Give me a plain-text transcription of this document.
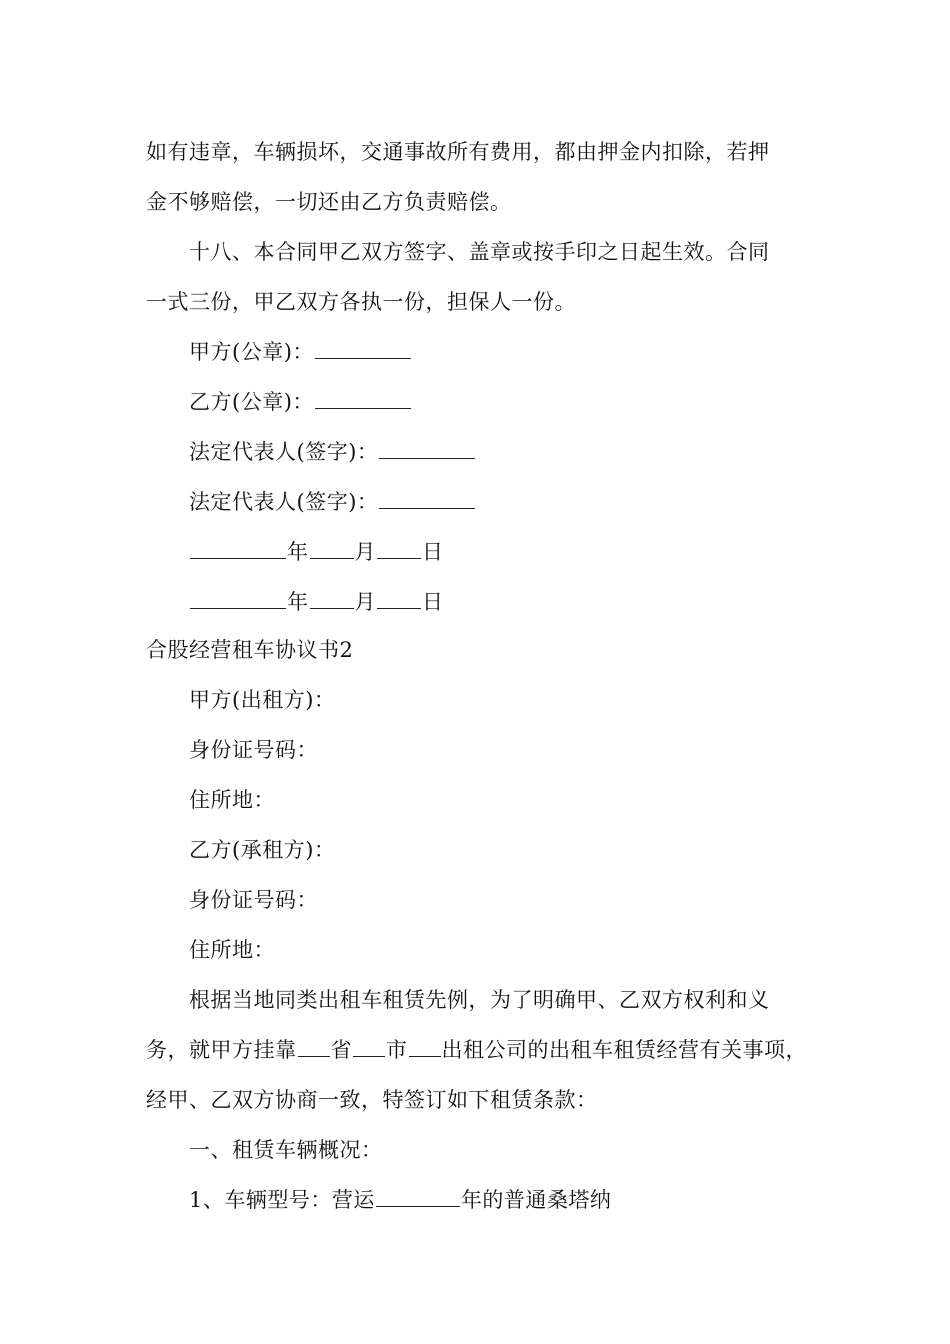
如有违章，车辆损坏，交通事故所有费用，都由押金内扣除，若押
金不够赔偿，一切还由乙方负责赔偿。
十八、本合同甲乙双方签字、盖章或按手印之日起生效。合同
一式三份，甲乙双方各执一份，担保人一份。
甲方(公章)：
乙方(公章)：
法定代表人(签字)：
法定代表人(签字)：
年 月 日
年 月 日
合股经营租车协议书2
甲方(出租方)：
身份证号码：
住所地：
乙方(承租方)：
身份证号码：
住所地：
根据当地同类出租车租赁先例，为了明确甲、乙双方权利和义
务，就甲方挂靠 省 市 出租公司的出租车租赁经营有关事项，
经甲、乙双方协商一致，特签订如下租赁条款：
一、租赁车辆概况：
1、车辆型号：营运	年的普通桑塔纳
